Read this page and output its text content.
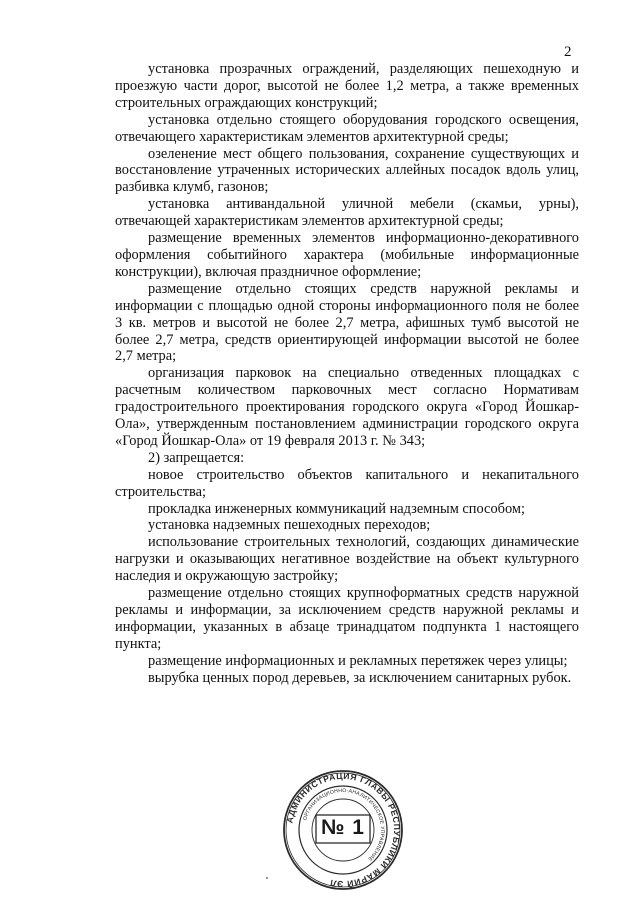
2

установка прозрачных ограждений, разделяющих пешеходную и проезжую части дорог, высотой не более 1,2 метра, а также временных строительных ограждающих конструкций;

установка отдельно стоящего оборудования городского освещения, отвечающего характеристикам элементов архитектурной среды;

озеленение мест общего пользования, сохранение существующих и восстановление утраченных исторических аллейных посадок вдоль улиц, разбивка клумб, газонов;

установка антивандальной уличной мебели (скамьи, урны), отвечающей характеристикам элементов архитектурной среды;

размещение временных элементов информационно-декоративного оформления событийного характера (мобильные информационные конструкции), включая праздничное оформление;

размещение отдельно стоящих средств наружной рекламы и информации с площадью одной стороны информационного поля не более 3 кв. метров и высотой не более 2,7 метра, афишных тумб высотой не более 2,7 метра, средств ориентирующей информации высотой не более 2,7 метра;

организация парковок на специально отведенных площадках с расчетным количеством парковочных мест согласно Нормативам градостроительного проектирования городского округа «Город Йошкар-Ола», утвержденным постановлением администрации городского округа «Город Йошкар-Ола» от 19 февраля 2013 г. № 343;

2) запрещается:

новое строительство объектов капитального и некапитального строительства;

прокладка инженерных коммуникаций надземным способом;

установка надземных пешеходных переходов;

использование строительных технологий, создающих динамические нагрузки и оказывающих негативное воздействие на объект культурного наследия и окружающую застройку;

размещение отдельно стоящих крупноформатных средств наружной рекламы и информации, за исключением средств наружной рекламы и информации, указанных в абзаце тринадцатом подпункта 1 настоящего пункта;

размещение информационных и рекламных перетяжек через улицы;

вырубка ценных пород деревьев, за исключением санитарных рубок.

АДМИНИСТРАЦИЯ ГЛАВЫ РЕСПУБЛИКИ МАРИЙ ЭЛ
ОРГАНИЗАЦИОННО-АНАЛИТИЧЕСКОЕ УПРАВЛЕНИЕ
№ 1
